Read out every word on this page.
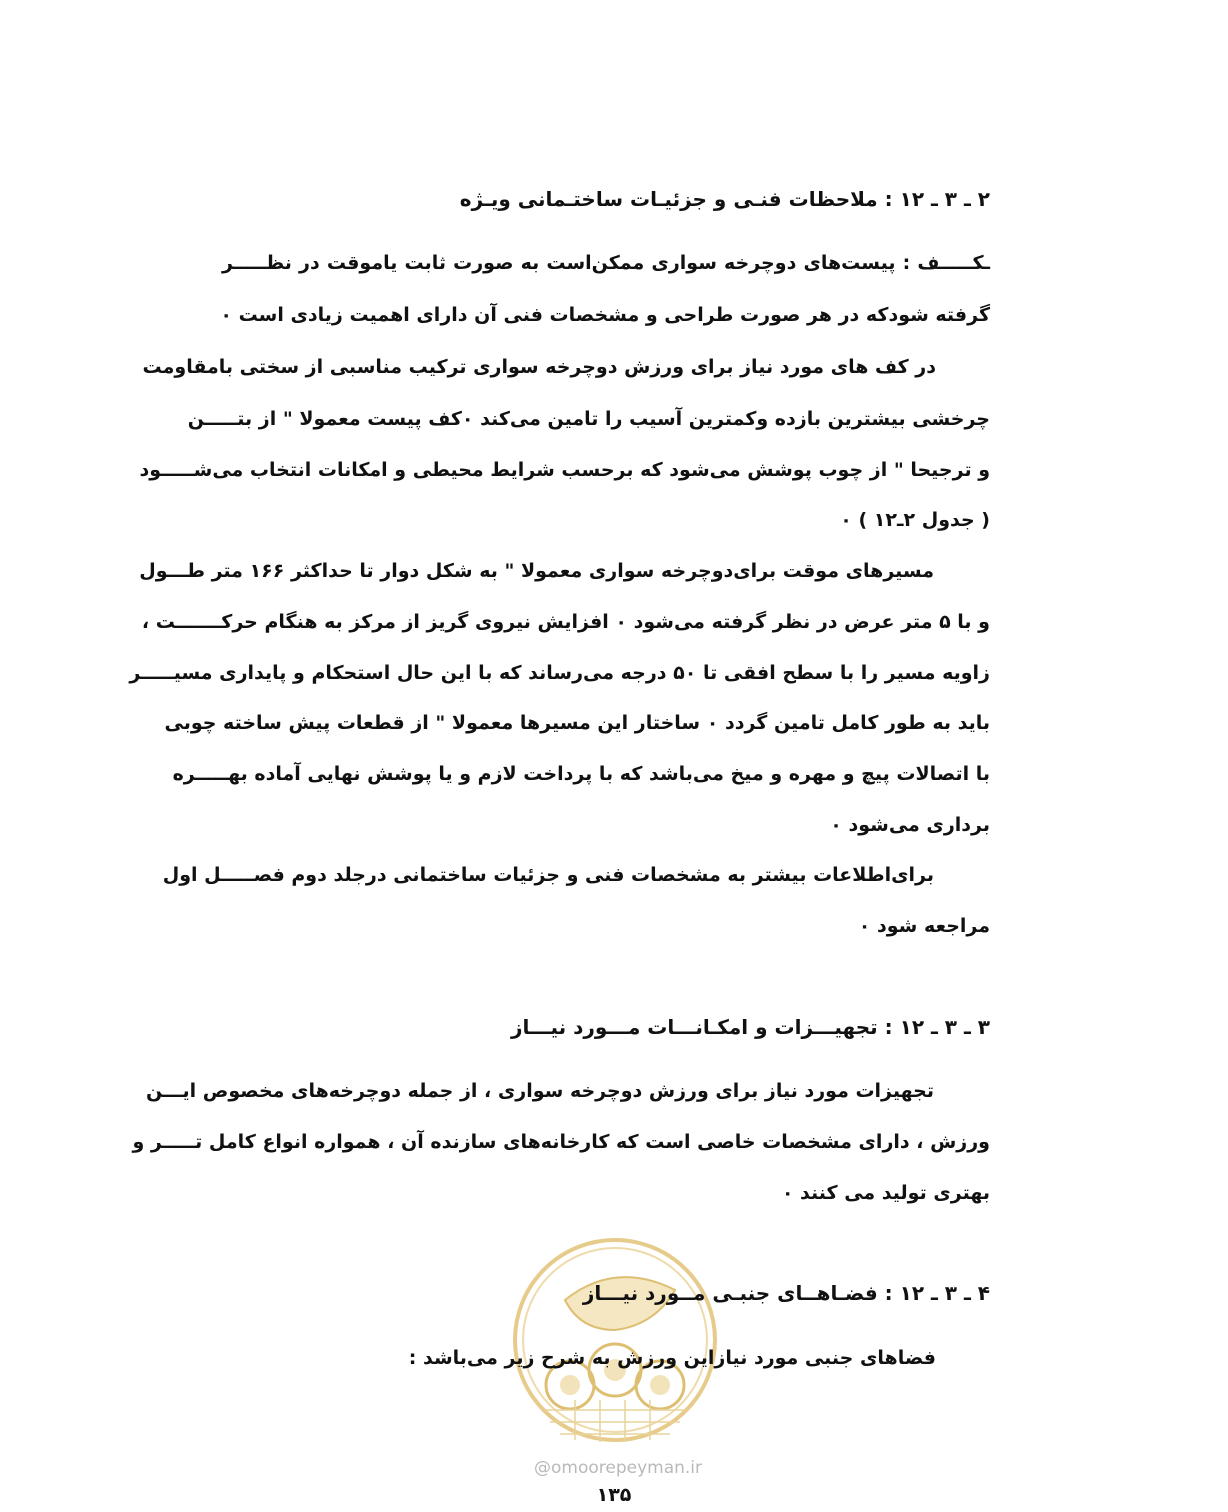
۲ ـ ۳ ـ ۱۲ : ملاحظات فنـی و جزئیـات ساختـمانی ویـژه
ـکـــــف : پیست‌های دوچرخه سواری ممکن‌است به صورت ثابت یاموقت در نظـــــر
گرفته شودکه در هر صورت طراحی و مشخصات فنی آن دارای اهمیت زیادی است ۰
در کف های مورد نیاز برای ورزش دوچرخه سواری ترکیب مناسبی از سختی بامقاومت
چرخشی بیشترین بازده وکمترین آسیب را تامین می‌کند ۰کف پیست معمولا " از بتـــــن
و ترجیحا " از چوب پوشش می‌شود که برحسب شرایط‌ محیطی و امکانات انتخاب می‌شـــــود
( جدول ۲ـ۱۲ ) ۰
مسیرهای موقت برای‌دوچرخه سواری معمولا " به شکل دوار تا حداکثر ۱۶۶ متر طـــول
و با ۵ متر عرض در نظر گرفته می‌شود ۰ افزایش نیروی گریز از مرکز به هنگام حرکـــــــت ،
زاویه مسیر را با سطح افقی تا ۵۰ درجه می‌رساند که با این حال استحکام و پایداری مسیـــــر
باید به طور کامل تامین گردد ۰ ساختار این مسیرها معمولا " از قطعات پیش ساخته چوبی
با اتصالات پیچ و مهره و میخ می‌باشد که با پرداخت لازم و یا پوشش نهایی آماده بهـــــره
برداری می‌شود ۰
برای‌اطلاعات بیشتر به مشخصات فنی و جزئیات ساختمانی درجلد دوم فصـــــل اول
مراجعه شود ۰
۳ ـ ۳ ـ ۱۲ : تجهیـــزات و امکـانـــات مـــورد نیـــاز
تجهیزات مورد نیاز برای ورزش دوچرخه سواری ، از جمله دوچرخه‌های مخصوص ایـــن
ورزش ، دارای مشخصات خاصی است که کارخانه‌های سازنده آن ، همواره انواع کامل تـــــر و
بهتری تولید می کنند ۰
@omoorepeyman.ir
۴ ـ ۳ ـ ۱۲ : فضـاهــای جنبـی مــورد نیـــاز
فضاهای جنبی مورد نیازاین ورزش به شرح زیر می‌باشد :
۱۳۵
